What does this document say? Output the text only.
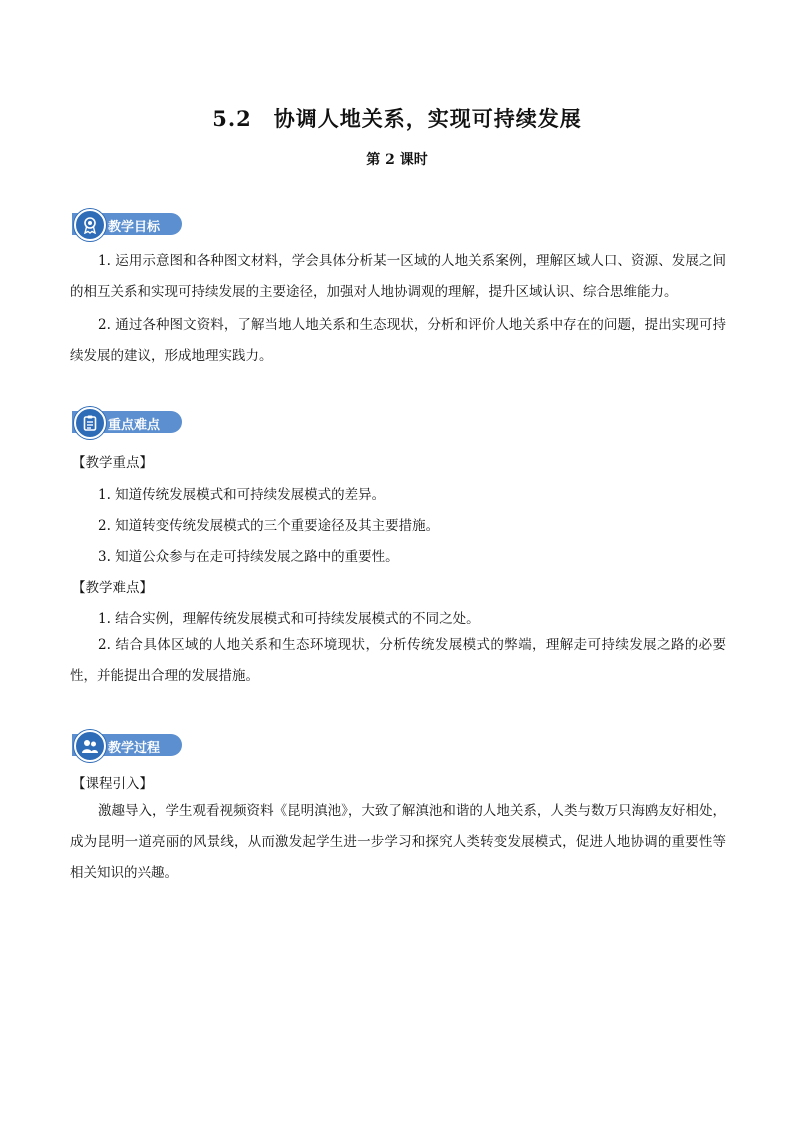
5.2　协调人地关系，实现可持续发展
第 2 课时
教学目标
1. 运用示意图和各种图文材料，学会具体分析某一区域的人地关系案例，理解区域人口、资源、发展之间的相互关系和实现可持续发展的主要途径，加强对人地协调观的理解，提升区域认识、综合思维能力。
2. 通过各种图文资料，了解当地人地关系和生态现状，分析和评价人地关系中存在的问题，提出实现可持续发展的建议，形成地理实践力。
重点难点
【教学重点】
1. 知道传统发展模式和可持续发展模式的差异。
2. 知道转变传统发展模式的三个重要途径及其主要措施。
3. 知道公众参与在走可持续发展之路中的重要性。
【教学难点】
1. 结合实例，理解传统发展模式和可持续发展模式的不同之处。
2. 结合具体区域的人地关系和生态环境现状，分析传统发展模式的弊端，理解走可持续发展之路的必要性，并能提出合理的发展措施。
教学过程
【课程引入】
激趣导入，学生观看视频资料《昆明滇池》，大致了解滇池和谐的人地关系，人类与数万只海鸥友好相处，成为昆明一道亮丽的风景线，从而激发起学生进一步学习和探究人类转变发展模式，促进人地协调的重要性等相关知识的兴趣。
